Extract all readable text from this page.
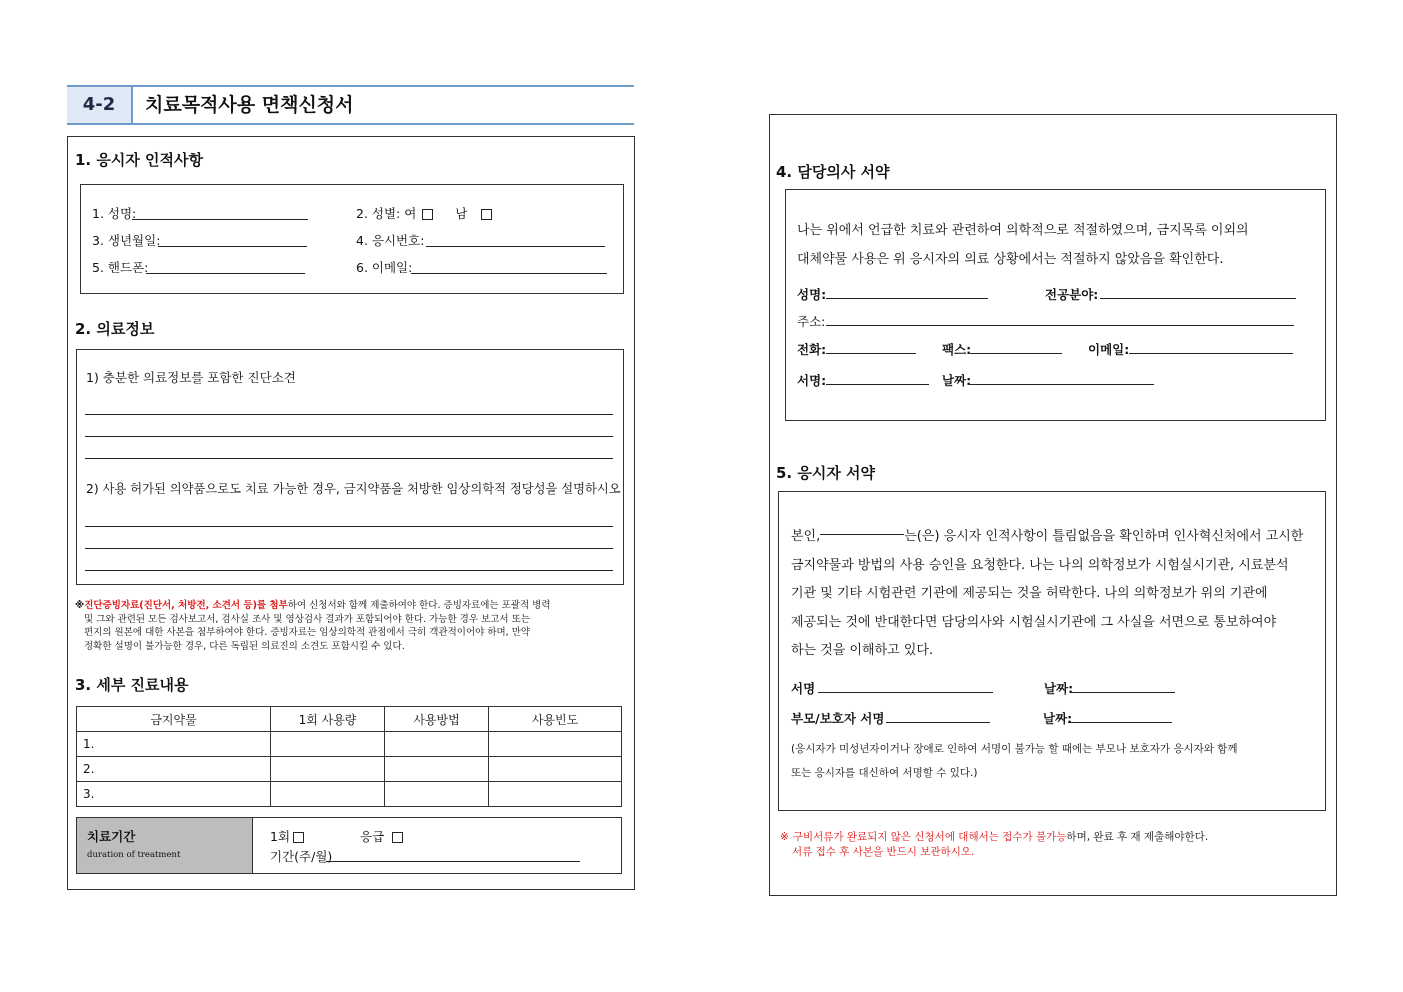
4-2	치료목적사용 면책신청서
1. 응시자 인적사항
1. 성명:	2. 성별: 여	남
3. 생년월일:	4. 응시번호:
5. 핸드폰:	6. 이메일:
2. 의료정보
1) 충분한 의료정보를 포함한 진단소견
2) 사용 허가된 의약품으로도 치료 가능한 경우, 금지약품을 처방한 임상의학적 정당성을 설명하시오
※진단증빙자료(진단서, 처방전, 소견서 등)를 첨부하여 신청서와 함께 제출하여야 한다. 증빙자료에는 포괄적 병력
및 그와 관련된 모든 검사보고서, 검사실 조사 및 영상검사 결과가 포함되어야 한다. 가능한 경우 보고서 또는
편지의 원본에 대한 사본을 첨부하여야 한다. 증빙자료는 임상의학적 관점에서 극히 객관적이어야 하며, 만약
정확한 설명이 불가능한 경우, 다른 독립된 의료진의 소견도 포함시킬 수 있다.
3. 세부 진료내용
금지약물	1회 사용량	사용방법	사용빈도
1.			
2.			
3.			
치료기간
duration of treatment
1회	응급
기간(주/월)
4. 담당의사 서약
나는 위에서 언급한 치료와 관련하여 의학적으로 적절하였으며, 금지목록 이외의
대체약물 사용은 위 응시자의 의료 상황에서는 적절하지 않았음을 확인한다.
성명:	전공분야:
주소:
전화:	팩스:	이메일:
서명:	날짜:
5. 응시자 서약
본인,	는(은) 응시자 인적사항이 틀림없음을 확인하며 인사혁신처에서 고시한
금지약물과 방법의 사용 승인을 요청한다. 나는 나의 의학정보가 시험실시기관, 시료분석
기관 및 기타 시험관련 기관에 제공되는 것을 허락한다. 나의 의학정보가 위의 기관에
제공되는 것에 반대한다면 담당의사와 시험실시기관에 그 사실을 서면으로 통보하여야
하는 것을 이해하고 있다.
서명	날짜:
부모/보호자 서명	날짜:
(응시자가 미성년자이거나 장애로 인하여 서명이 불가능 할 때에는 부모나 보호자가 응시자와 함께
또는 응시자를 대신하여 서명할 수 있다.)
※ 구비서류가 완료되지 않은 신청서에 대해서는 접수가 불가능하며, 완료 후 재 제출해야한다.
서류 접수 후 사본을 반드시 보관하시오.
